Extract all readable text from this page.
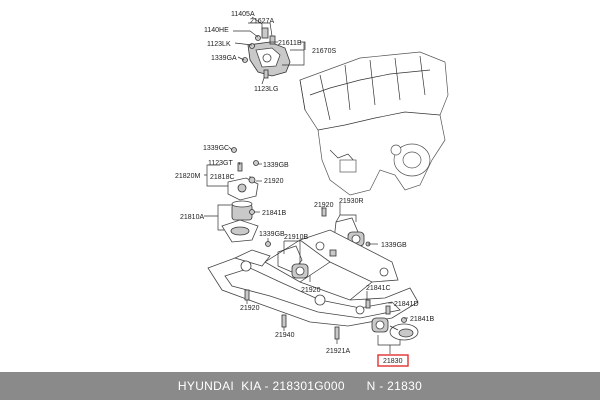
11405A
1140HE
21627A
1123LK	21611B
21670S
1339GA
1123LG
1339GC
1123GT	1339GB
21820M 21818C
21920
21810A
21841B
21920
21930R
1339GB
1339GB 21910B
21920
21920
21841C
21841D
21841B
21940
21921A
21830
HYUNDAI  KIA - 218301G000 N - 21830
